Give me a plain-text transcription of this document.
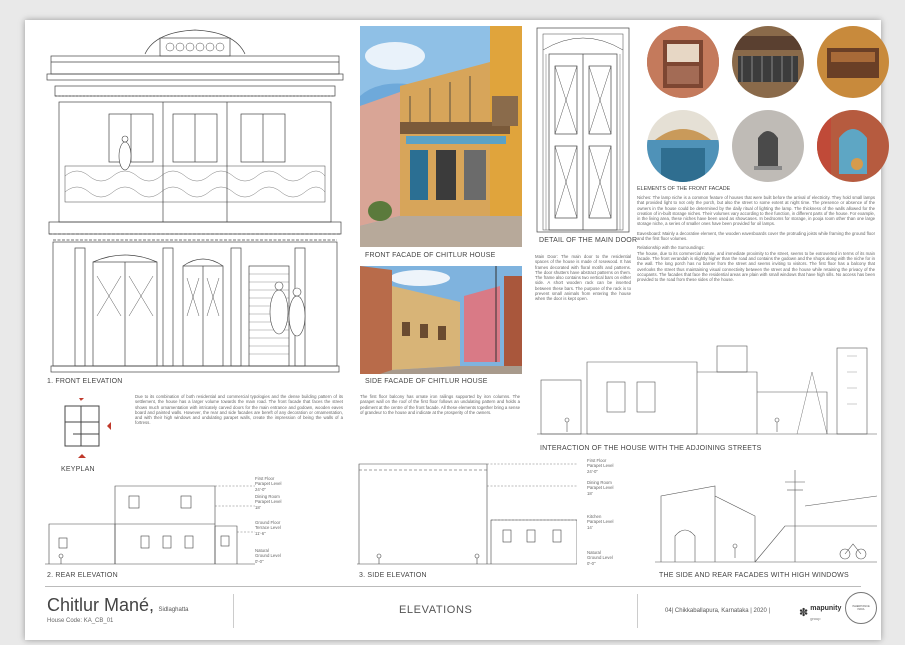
1. FRONT ELEVATION
FRONT FACADE OF CHITLUR HOUSE
SIDE FACADE OF CHITLUR HOUSE
DETAIL OF THE MAIN DOOR
Main Door: The main door to the residential spaces of the house is made of rosewood. It has frames decorated with floral motifs and patterns. The door shutters have abstract patterns on them. The frame also contains two vertical bars on either side. A short wooden rack can be inserted between these bars. The purpose of the rack is to prevent small animals from entering the house when the door is kept open.
ELEMENTS OF THE FRONT FACADE
Niches: The lamp niche is a common feature of houses that were built before the arrival of electricity. They hold small lamps that provided light to not only the porch, but also the street to some extent at night time. The presence or absence of the owners in the house could be determined by the daily ritual of lighting the lamp. The thickness of the walls allowed for the creation of in-built storage niches. Their volumes vary according to their function, in different parts of the house. For example, in the living area, these niches have been used as showcases. In bedrooms for storage, in pooja room other than one large storage niche, a series of smaller ones have been provided for oil lamps.
Eavesboard: Mainly a decorative element, the wooden eavesboards cover the protruding joists while framing the ground floor and the first floor volumes.
Relationship with the Surroundings:
The house, due to its commercial nature, and immediate proximity to the street, seems to be extroverted in terms of its main facade. The front verandah is slightly higher than the road and contains the godown and the shops along with the niche for in the wall. The long porch has no barrier from the street and seems inviting to visitors. The first floor has a balcony that overlooks the street thus maintaining visual connectivity between the street and the house while retaining the privacy of the occupants. The facades that face the residential areas are plain with small windows that have high sills. No access has been provided to the road from these sides of the house.
INTERACTION OF THE HOUSE WITH THE ADJOINING STREETS
KEYPLAN
Due to its combination of both residential and commercial typologies and the dense building pattern of its settlement, the house has a larger volume towards the main road. The front facade that faces the street shows much ornamentation with intricately carved doors for the main entrance and godown, wooden eaves board and painted walls. However, the rear and side facades are bereft of any decoration or ornamentation, and with their high windows and undulating parapet walls, create the impression of being the walls of a fortress.
The first floor balcony has ornate iron railings supported by iron columns. The parapet wall on the roof of the first floor follows an undulating pattern and holds a pediment at the centre of the front facade. All these elements together bring a sense of grandeur to the house and indicate at the prosperity of the owners.
First Floor
Parapet Level
24'-0"
Dining Room
Parapet Level
18'
Ground Floor
Terrace Level
11'-6"
Natural
Ground Level
0'-0"
2. REAR ELEVATION
First Floor
Parapet Level
24'-0"
Dining Room
Parapet Level
18'
Kitchen
Parapet Level
14'
Natural
Ground Level
0'-0"
3. SIDE ELEVATION	THE SIDE AND REAR FACADES WITH HIGH WINDOWS
Chitlur Mané, Sidlaghatta
House Code: KA_CB_01
ELEVATIONS	04| Chikkaballapura, Karnataka | 2020 |	✽ mapunity
group
INHERITANCE INDIA
